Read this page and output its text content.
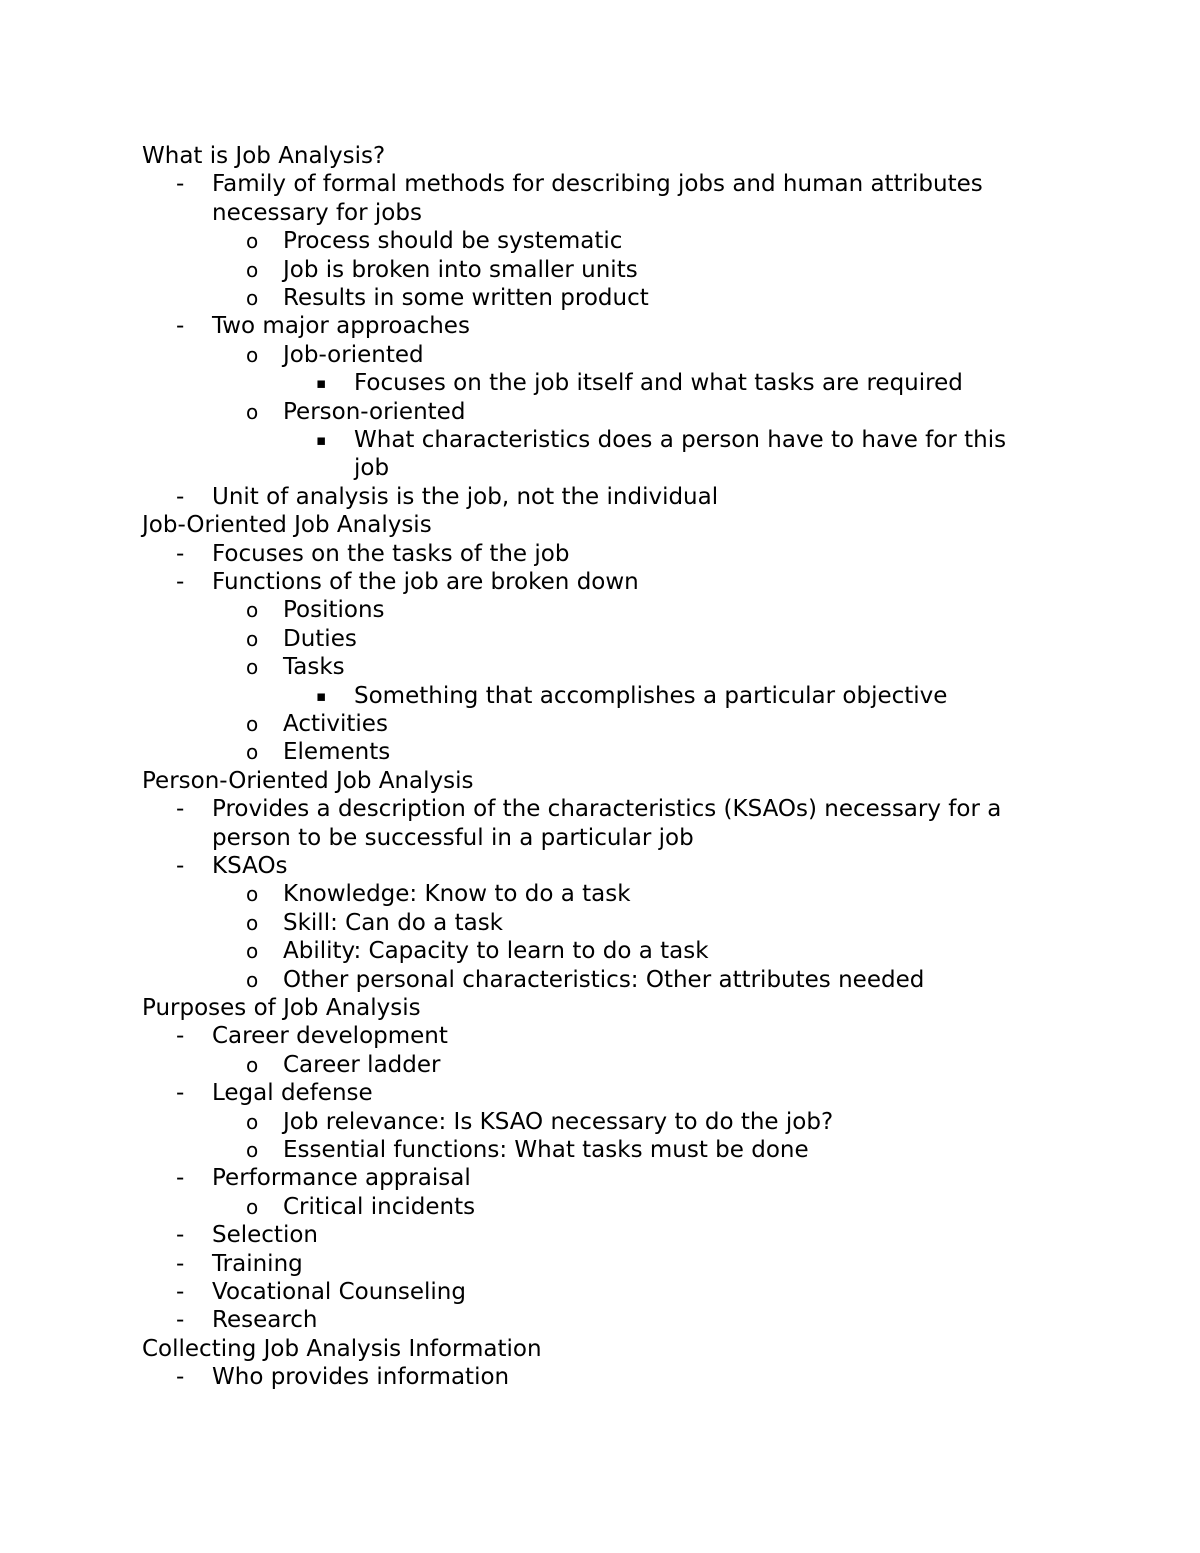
What is Job Analysis?
- Family of formal methods for describing jobs and human attributes
necessary for jobs
o Process should be systematic
o Job is broken into smaller units
o Results in some written product
- Two major approaches
o Job-oriented
▪ Focuses on the job itself and what tasks are required
o Person-oriented
▪ What characteristics does a person have to have for this
job
- Unit of analysis is the job, not the individual
Job-Oriented Job Analysis
- Focuses on the tasks of the job
- Functions of the job are broken down
o Positions
o Duties
o Tasks
▪ Something that accomplishes a particular objective
o Activities
o Elements
Person-Oriented Job Analysis
- Provides a description of the characteristics (KSAOs) necessary for a
person to be successful in a particular job
- KSAOs
o Knowledge: Know to do a task
o Skill: Can do a task
o Ability: Capacity to learn to do a task
o Other personal characteristics: Other attributes needed
Purposes of Job Analysis
- Career development
o Career ladder
- Legal defense
o Job relevance: Is KSAO necessary to do the job?
o Essential functions: What tasks must be done
- Performance appraisal
o Critical incidents
- Selection
- Training
- Vocational Counseling
- Research
Collecting Job Analysis Information
- Who provides information
